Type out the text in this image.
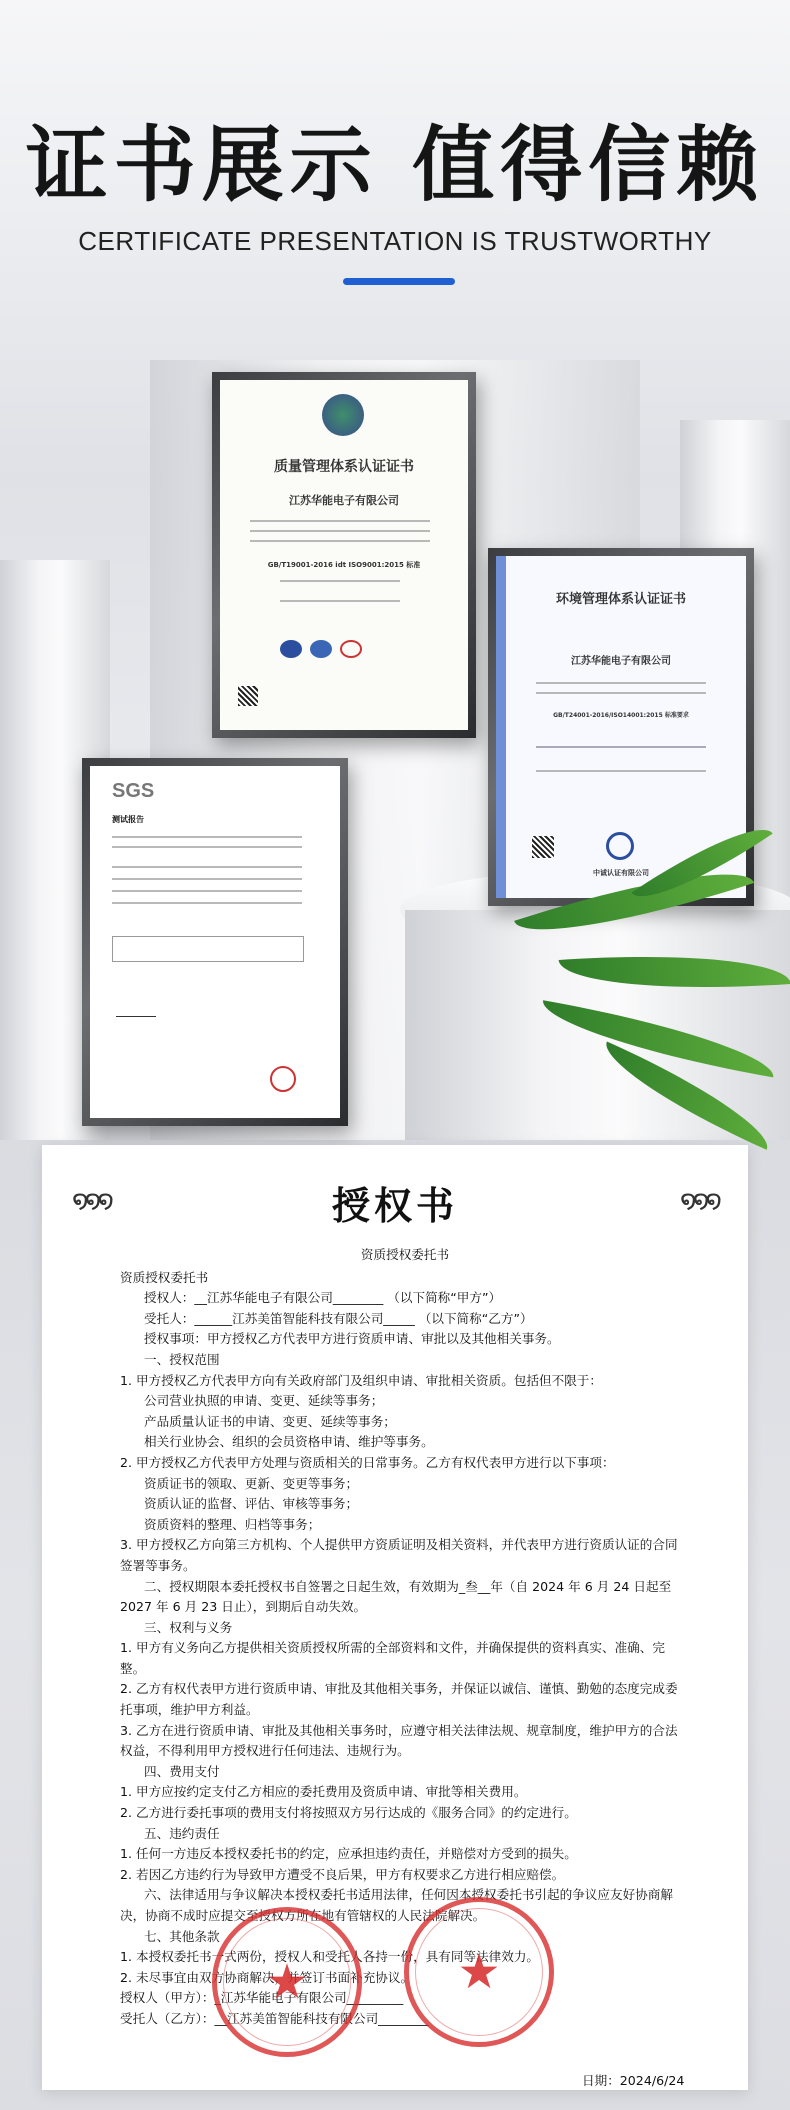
证书展示 值得信赖
CERTIFICATE PRESENTATION IS TRUSTWORTHY
质量管理体系认证证书
江苏华能电子有限公司
GB/T19001-2016 idt ISO9001:2015 标准
环境管理体系认证证书
江苏华能电子有限公司
GB/T24001-2016/ISO14001:2015 标准要求
中诚认证有限公司
SGS
测试报告
໑໑໑	授权书	໑໑໑

资质授权委托书

资质授权委托书

授权人：__江苏华能电子有限公司________ （以下简称“甲方”）

受托人：______江苏美笛智能科技有限公司_____ （以下简称“乙方”）

授权事项：甲方授权乙方代表甲方进行资质申请、审批以及其他相关事务。

一、授权范围

1. 甲方授权乙方代表甲方向有关政府部门及组织申请、审批相关资质。包括但不限于：

公司营业执照的申请、变更、延续等事务；

产品质量认证书的申请、变更、延续等事务；

相关行业协会、组织的会员资格申请、维护等事务。

2. 甲方授权乙方代表甲方处理与资质相关的日常事务。乙方有权代表甲方进行以下事项：

资质证书的领取、更新、变更等事务；

资质认证的监督、评估、审核等事务；

资质资料的整理、归档等事务；

3. 甲方授权乙方向第三方机构、个人提供甲方资质证明及相关资料，并代表甲方进行资质认证的合同签署等事务。

二、授权期限本委托授权书自签署之日起生效，有效期为_叁__年（自 2024 年 6 月 24 日起至 2027 年 6 月 23 日止），到期后自动失效。

三、权利与义务

1. 甲方有义务向乙方提供相关资质授权所需的全部资料和文件，并确保提供的资料真实、准确、完整。

2. 乙方有权代表甲方进行资质申请、审批及其他相关事务，并保证以诚信、谨慎、勤勉的态度完成委托事项，维护甲方利益。

3. 乙方在进行资质申请、审批及其他相关事务时，应遵守相关法律法规、规章制度，维护甲方的合法权益，不得利用甲方授权进行任何违法、违规行为。

四、费用支付

1. 甲方应按约定支付乙方相应的委托费用及资质申请、审批等相关费用。

2. 乙方进行委托事项的费用支付将按照双方另行达成的《服务合同》的约定进行。

五、违约责任

1. 任何一方违反本授权委托书的约定，应承担违约责任，并赔偿对方受到的损失。

2. 若因乙方违约行为导致甲方遭受不良后果，甲方有权要求乙方进行相应赔偿。

六、法律适用与争议解决本授权委托书适用法律，任何因本授权委托书引起的争议应友好协商解决，协商不成时应提交至授权方所在地有管辖权的人民法院解决。

七、其他条款

1. 本授权委托书一式两份，授权人和受托人各持一份，具有同等法律效力。

2. 未尽事宜由双方协商解决，并签订书面补充协议。

授权人（甲方）：_江苏华能电子有限公司_________

受托人（乙方）：__江苏美笛智能科技有限公司________

★	★
日期：2024/6/24
